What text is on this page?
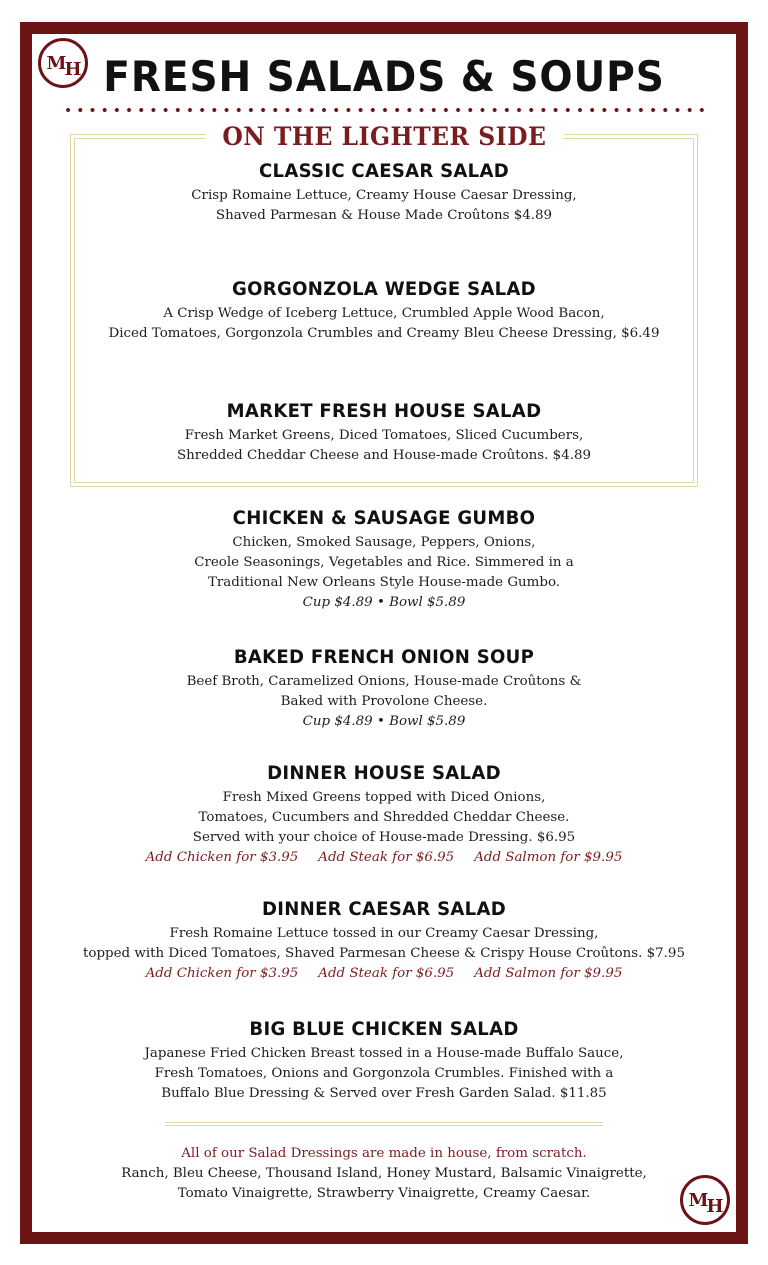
M H FRESH SALADS & SOUPS
ON THE LIGHTER SIDE
CLASSIC CAESAR SALAD

Crisp Romaine Lettuce, Creamy House Caesar Dressing,

Shaved Parmesan & House Made Croûtons $4.89

GORGONZOLA WEDGE SALAD

A Crisp Wedge of Iceberg Lettuce, Crumbled Apple Wood Bacon,

Diced Tomatoes, Gorgonzola Crumbles and Creamy Bleu Cheese Dressing, $6.49

MARKET FRESH HOUSE SALAD

Fresh Market Greens, Diced Tomatoes, Sliced Cucumbers,

Shredded Cheddar Cheese and House-made Croûtons. $4.89

CHICKEN & SAUSAGE GUMBO

Chicken, Smoked Sausage, Peppers, Onions,

Creole Seasonings, Vegetables and Rice. Simmered in a

Traditional New Orleans Style House-made Gumbo.

Cup $4.89 • Bowl $5.89

BAKED FRENCH ONION SOUP

Beef Broth, Caramelized Onions, House-made Croûtons &

Baked with Provolone Cheese.

Cup $4.89 • Bowl $5.89

DINNER HOUSE SALAD

Fresh Mixed Greens topped with Diced Onions,

Tomatoes, Cucumbers and Shredded Cheddar Cheese.

Served with your choice of House-made Dressing. $6.95

Add Chicken for $3.95 Add Steak for $6.95 Add Salmon for $9.95
DINNER CAESAR SALAD

Fresh Romaine Lettuce tossed in our Creamy Caesar Dressing,

topped with Diced Tomatoes, Shaved Parmesan Cheese & Crispy House Croûtons. $7.95

Add Chicken for $3.95 Add Steak for $6.95 Add Salmon for $9.95
BIG BLUE CHICKEN SALAD

Japanese Fried Chicken Breast tossed in a House-made Buffalo Sauce,

Fresh Tomatoes, Onions and Gorgonzola Crumbles. Finished with a

Buffalo Blue Dressing & Served over Fresh Garden Salad. $11.85

All of our Salad Dressings are made in house, from scratch.
Ranch, Bleu Cheese, Thousand Island, Honey Mustard, Balsamic Vinaigrette,
Tomato Vinaigrette, Strawberry Vinaigrette, Creamy Caesar.	M H
